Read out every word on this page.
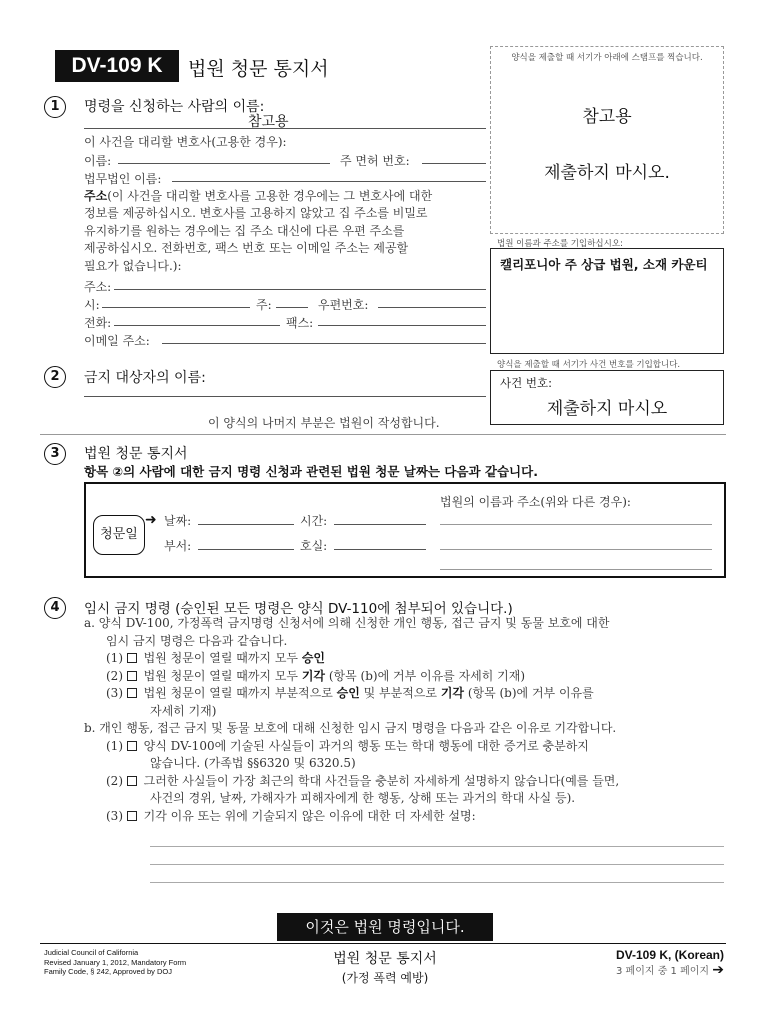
DV-109 K	법원 청문 통지서	양식을 제출할 때 서기가 아래에 스탬프를 찍습니다.
참고용
제출하지 마시오.
법원 이름과 주소를 기입하십시오:
캘리포니아 주 상급 법원, 소재 카운티
양식을 제출할 때 서기가 사건 번호를 기입합니다.
사건 번호:
제출하지 마시오
1	명령을 신청하는 사람의 이름:
참고용
이 사건을 대리할 변호사(고용한 경우):
이름:	주 면허 번호:
법무법인 이름:
주소(이 사건을 대리할 변호사를 고용한 경우에는 그 변호사에 대한
정보를 제공하십시오. 변호사를 고용하지 않았고 집 주소를 비밀로
유지하기를 원하는 경우에는 집 주소 대신에 다른 우편 주소를
제공하십시오. 전화번호, 팩스 번호 또는 이메일 주소는 제공할
필요가 없습니다.):
주소:
시:	주:	우편번호:
전화:	팩스:
이메일 주소:
2	금지 대상자의 이름:
이 양식의 나머지 부분은 법원이 작성합니다.
3	법원 청문 통지서
항목 ②의 사람에 대한 금지 명령 신청과 관련된 법원 청문 날짜는 다음과 같습니다.
청문일
➜ 날짜:	시간:
부서:	호실:
법원의 이름과 주소(위와 다른 경우):
4	임시 금지 명령 (승인된 모든 명령은 양식 DV-110에 첨부되어 있습니다.)
a. 양식 DV-100, 가정폭력 금지명령 신청서에 의해 신청한 개인 행동, 접근 금지 및 동물 보호에 대한
임시 금지 명령은 다음과 같습니다.
(1) 법원 청문이 열릴 때까지 모두 승인
(2) 법원 청문이 열릴 때까지 모두 기각 (항목 (b)에 거부 이유를 자세히 기재)
(3) 법원 청문이 열릴 때까지 부분적으로 승인 및 부분적으로 기각 (항목 (b)에 거부 이유를
자세히 기재)
b. 개인 행동, 접근 금지 및 동물 보호에 대해 신청한 임시 금지 명령을 다음과 같은 이유로 기각합니다.
(1) 양식 DV-100에 기술된 사실들이 과거의 행동 또는 학대 행동에 대한 증거로 충분하지
않습니다. (가족법 §§6320 및 6320.5)
(2) 그러한 사실들이 가장 최근의 학대 사건들을 충분히 자세하게 설명하지 않습니다(예를 들면,
사건의 경위, 날짜, 가해자가 피해자에게 한 행동, 상해 또는 과거의 학대 사실 등).
(3) 기각 이유 또는 위에 기술되지 않은 이유에 대한 더 자세한 설명:
이것은 법원 명령입니다.
Judicial Council of California
Revised January 1, 2012, Mandatory Form
Family Code, § 242, Approved by DOJ
법원 청문 통지서
(가정 폭력 예방)
DV-109 K, (Korean)
3 페이지 중 1 페이지 ➔
